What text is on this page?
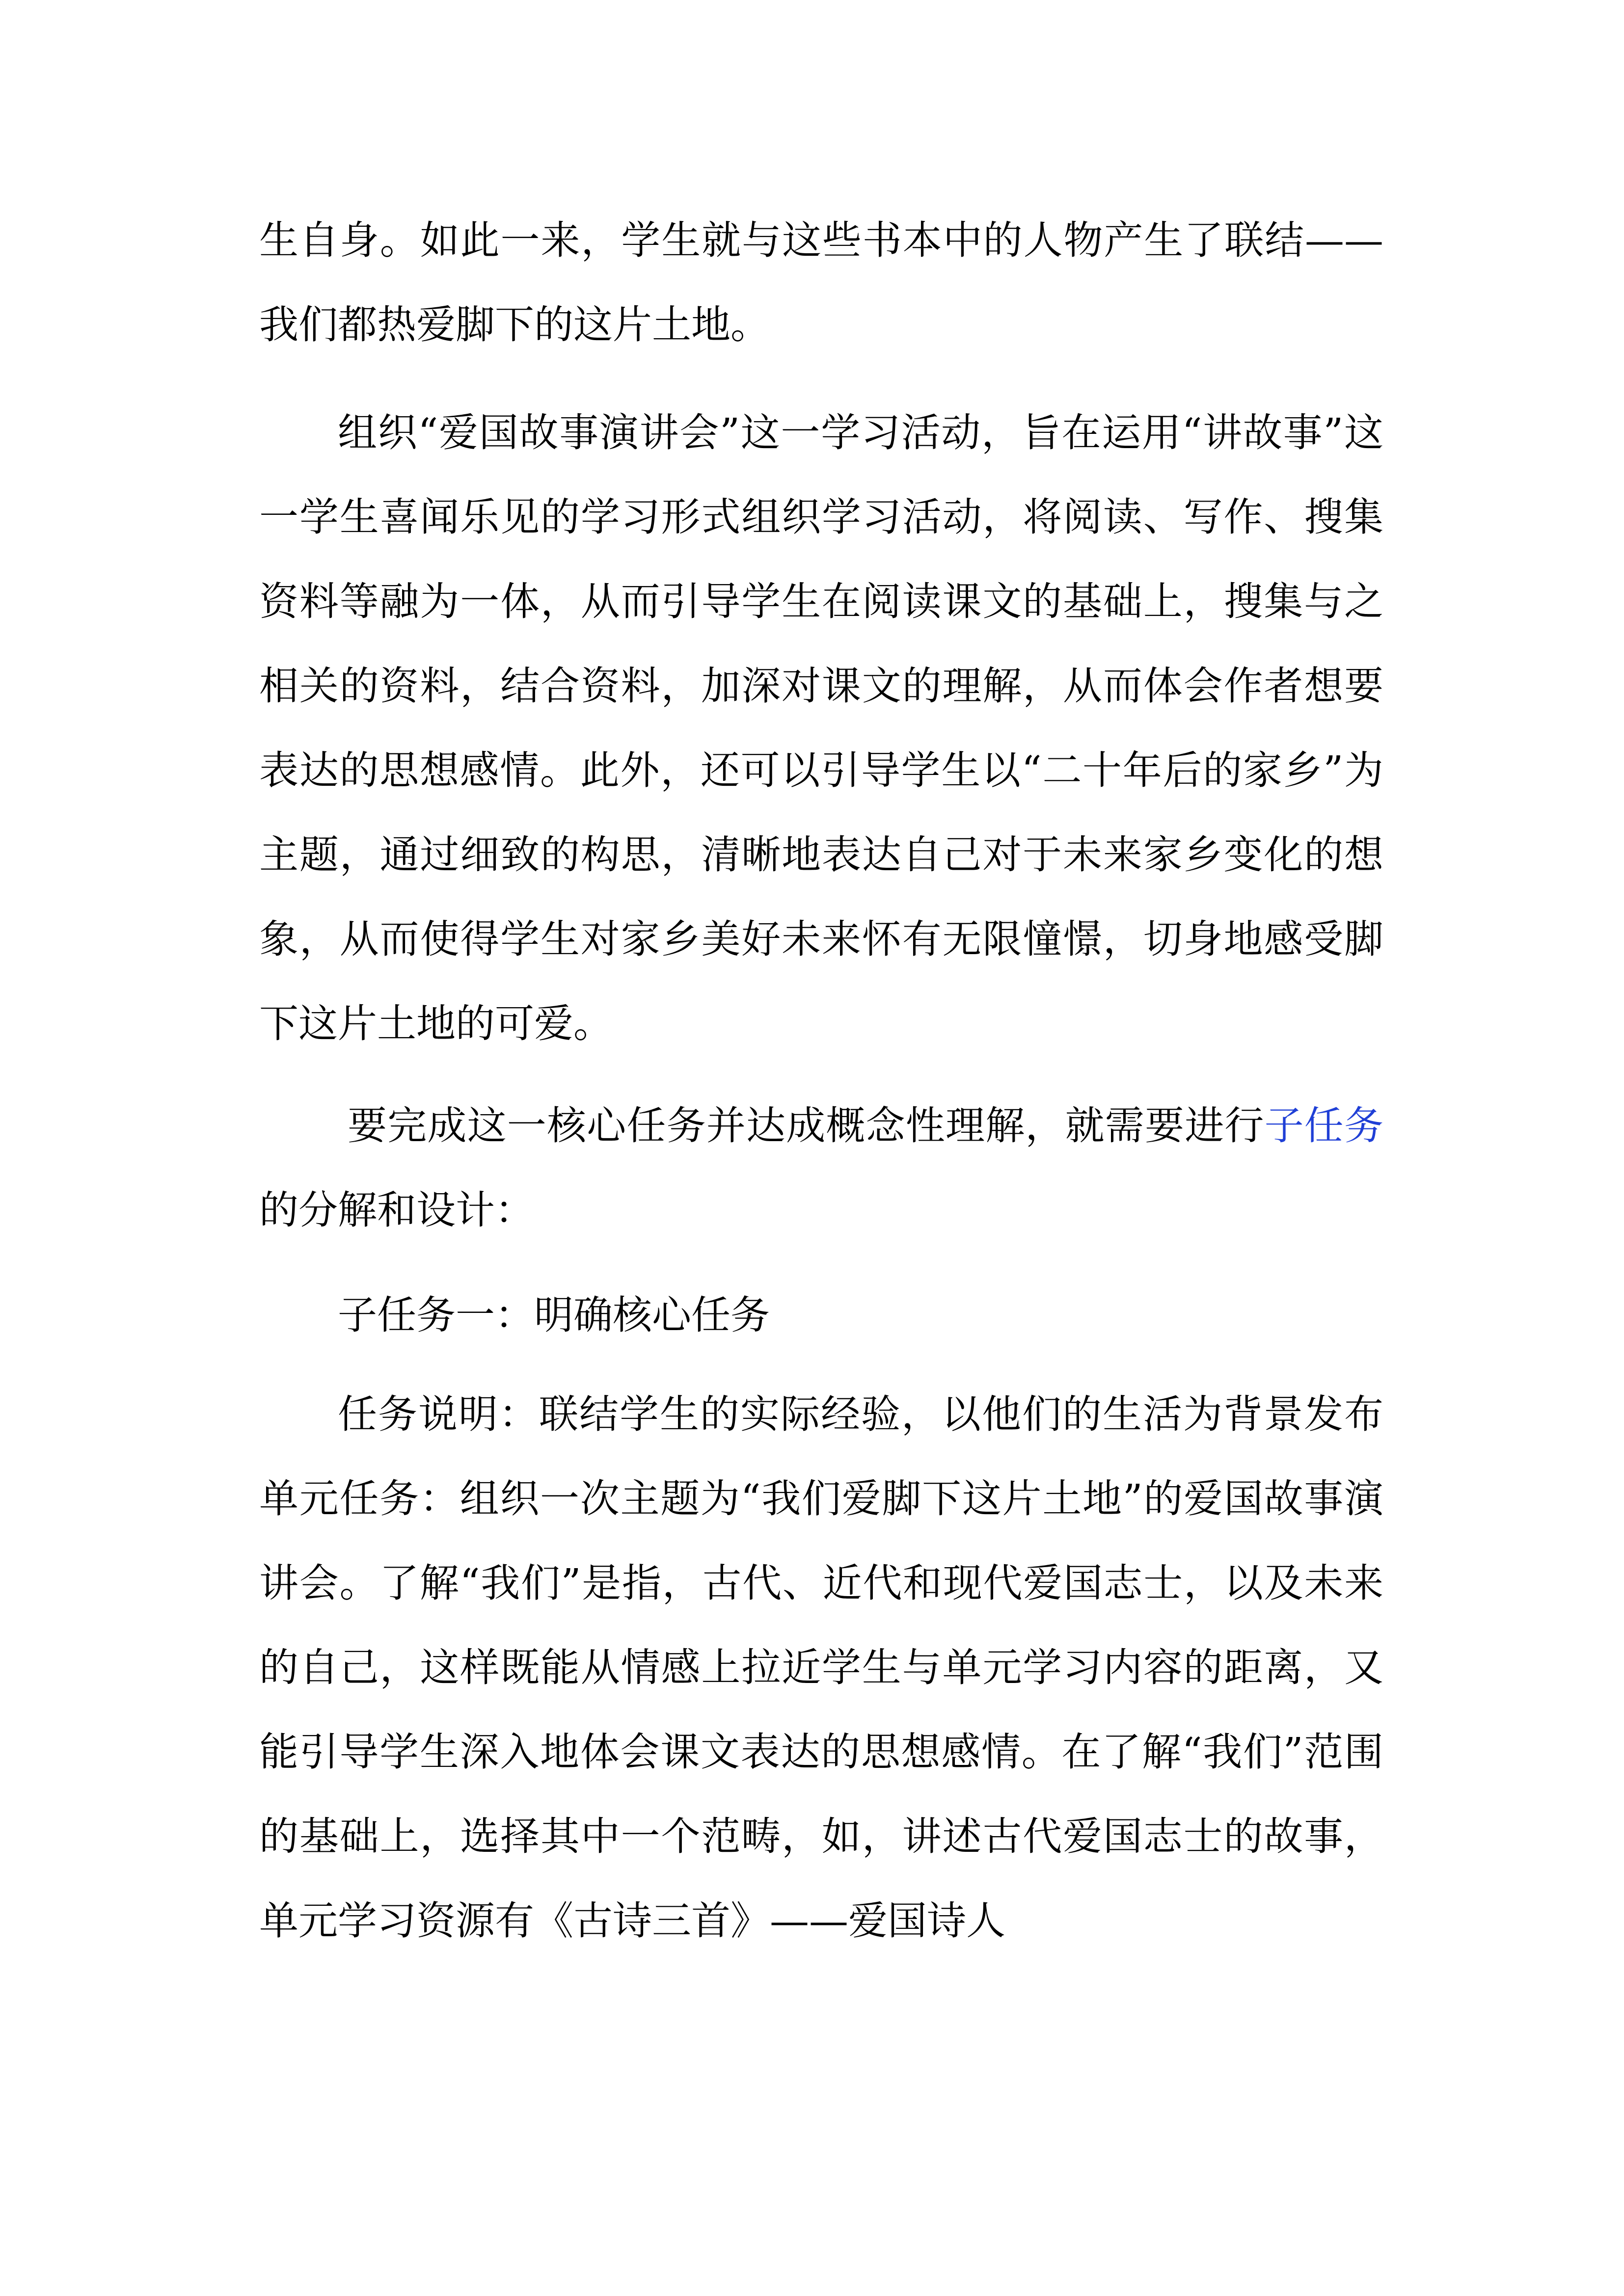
生自身。如此一来，学生就与这些书本中的人物产生了联结——我们都热爱脚下的这片土地。

组织“爱国故事演讲会”这一学习活动，旨在运用“讲故事”这一学生喜闻乐见的学习形式组织学习活动，将阅读、写作、搜集资料等融为一体，从而引导学生在阅读课文的基础上，搜集与之相关的资料，结合资料，加深对课文的理解，从而体会作者想要表达的思想感情。此外，还可以引导学生以“二十年后的家乡”为主题，通过细致的构思，清晰地表达自己对于未来家乡变化的想象，从而使得学生对家乡美好未来怀有无限憧憬，切身地感受脚下这片土地的可爱。

要完成这一核心任务并达成概念性理解，就需要进行子任务的分解和设计：

子任务一：明确核心任务

任务说明：联结学生的实际经验，以他们的生活为背景发布单元任务：组织一次主题为“我们爱脚下这片土地”的爱国故事演讲会。了解“我们”是指，古代、近代和现代爱国志士，以及未来的自己，这样既能从情感上拉近学生与单元学习内容的距离，又能引导学生深入地体会课文表达的思想感情。在了解“我们”范围的基础上，选择其中一个范畴，如，讲述古代爱国志士的故事，单元学习资源有《古诗三首》——爱国诗人
